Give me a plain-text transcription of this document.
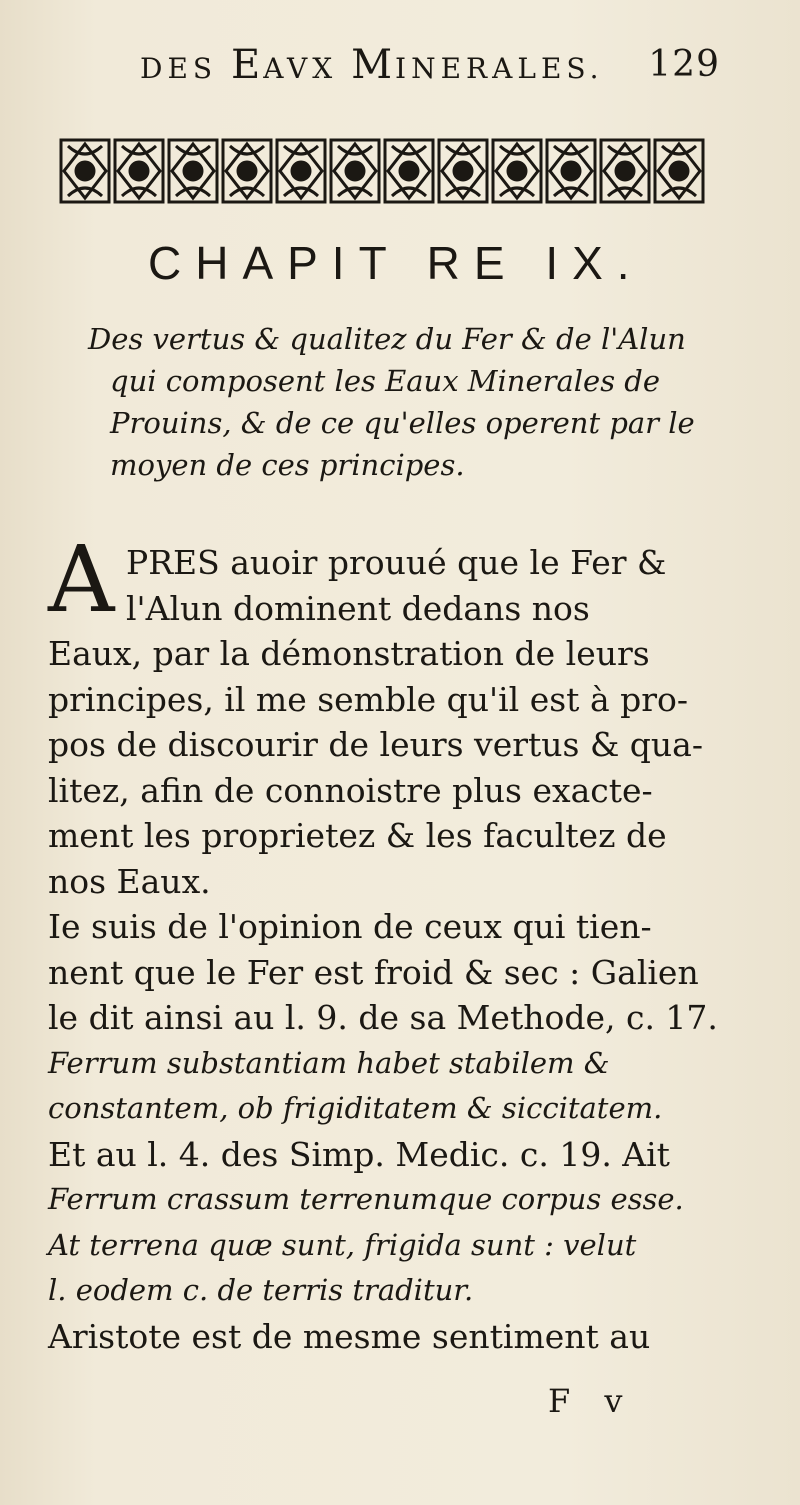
DES EAVX MINERALES. 129
CHAPIT RE IX.
Des vertus & qualitez du Fer & de l'Alun
qui composent les Eaux Minerales de
Prouins, & de ce qu'elles operent par le
moyen de ces principes.
A PRES auoir prouué que le Fer &
l'Alun dominent dedans nos
Eaux, par la démonstration de leurs
principes, il me semble qu'il est à pro-
pos de discourir de leurs vertus & qua-
litez, afin de connoistre plus exacte-
ment les proprietez & les facultez de
nos Eaux.
Ie suis de l'opinion de ceux qui tien-
nent que le Fer est froid & sec : Galien
le dit ainsi au l. 9. de sa Methode, c. 17.
Ferrum substantiam habet stabilem &
constantem, ob frigiditatem & siccitatem.
Et au l. 4. des Simp. Medic. c. 19. Ait
Ferrum crassum terrenumque corpus esse.
At terrena quæ sunt, frigida sunt : velut
l. eodem c. de terris traditur.
Aristote est de mesme sentiment au
F v
